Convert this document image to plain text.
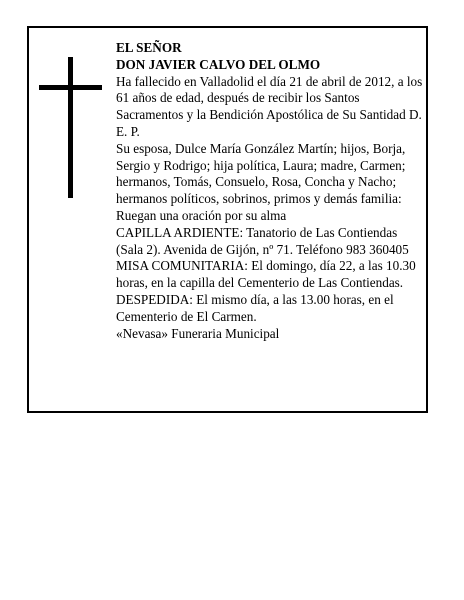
EL SEÑOR

DON JAVIER CALVO DEL OLMO

Ha fallecido en Valladolid el día 21 de abril de 2012, a los 61 años de edad, después de recibir los Santos Sacramentos y la Bendición Apostólica de Su Santidad D. E. P.

Su esposa, Dulce María González Martín; hijos, Borja, Sergio y Rodrigo; hija política, Laura; madre, Carmen; hermanos, Tomás, Consuelo, Rosa, Concha y Nacho; hermanos políticos, sobrinos, primos y demás familia: Ruegan una oración por su alma

CAPILLA ARDIENTE: Tanatorio de Las Contiendas (Sala 2). Avenida de Gijón, nº 71. Teléfono 983 360405

MISA COMUNITARIA: El domingo, día 22, a las 10.30 horas, en la capilla del Cementerio de Las Contiendas.

DESPEDIDA: El mismo día, a las 13.00 horas, en el Cementerio de El Carmen.

«Nevasa» Funeraria Municipal
